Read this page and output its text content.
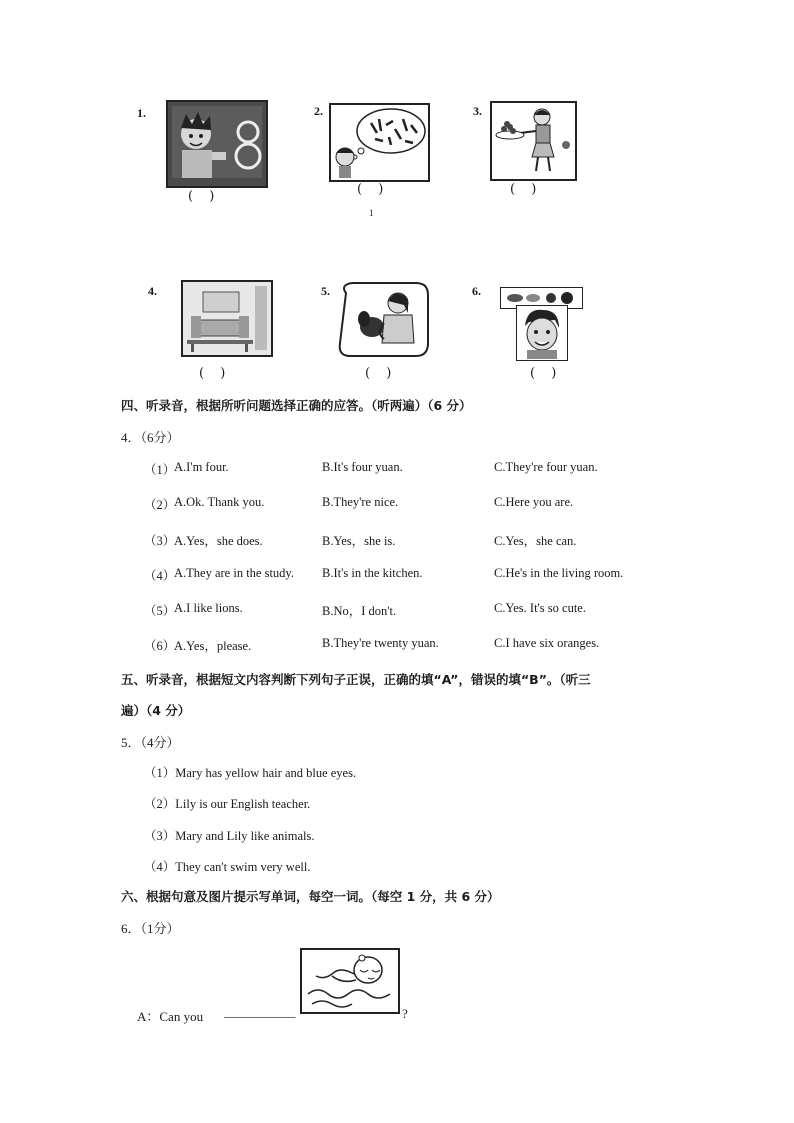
1.
( )
2.
( )
1
3.
( )
4.
( )
5.
( )
6.
( )
四、听录音，根据所听问题选择正确的应答。（听两遍）（6 分）
4．（6分）
（1）
A.I'm four.	B.It's four yuan.	C.They're four yuan.
（2）
A.Ok. Thank you.	B.They're nice.	C.Here you are.
（3）
A.Yes，she does.	B.Yes，she is.	C.Yes，she can.
（4）
A.They are in the study. B.It's in the kitchen.	C.He's in the living room.
（5）
A.I like lions.	B.No，I don't.	C.Yes. It's so cute.
（6）
A.Yes，please.	B.They're twenty yuan.	C.I have six oranges.
五、听录音，根据短文内容判断下列句子正误，正确的填“A”，错误的填“B”。（听三
遍）（4 分）
5．（4分）
（1）Mary has yellow hair and blue eyes.
（2）Lily is our English teacher.
（3）Mary and Lily like animals.
（4）They can't swim very well.
六、根据句意及图片提示写单词，每空一词。（每空 1 分，共 6 分）
6．（1分）
A：Can you ___________	?
